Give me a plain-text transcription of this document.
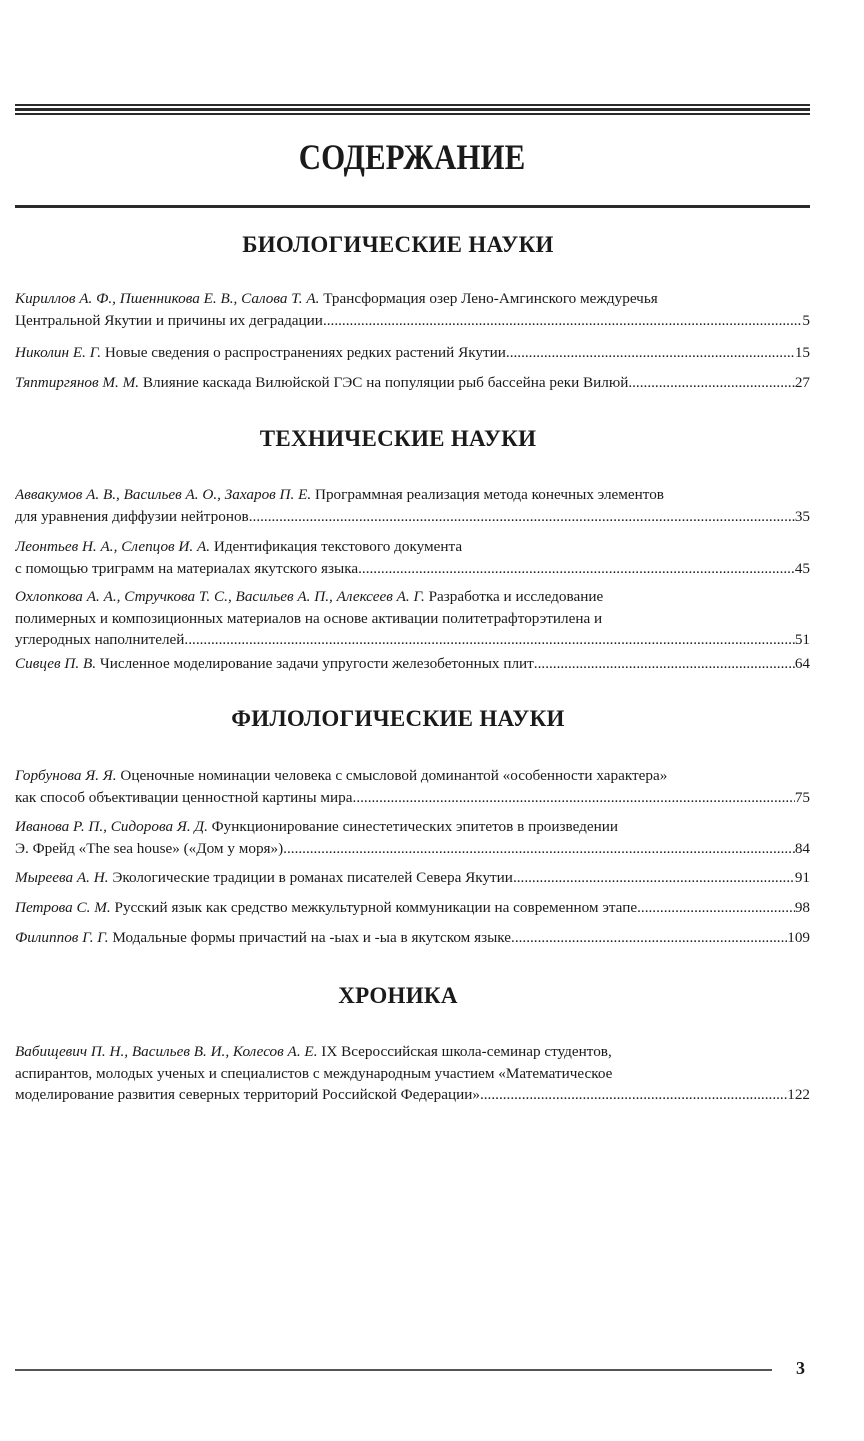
СОДЕРЖАНИЕ
БИОЛОГИЧЕСКИЕ НАУКИ
Кириллов А. Ф., Пшенникова Е. В., Салова Т. А. Трансформация озер Лено-Амгинского междуречья
Центральной Якутии и причины их деградации .....	5
Николин Е. Г. Новые сведения о распространениях редких растений Якутии .....	15
Тяптиргянов М. М. Влияние каскада Вилюйской ГЭС на популяции рыб бассейна реки Вилюй .....	27
ТЕХНИЧЕСКИЕ НАУКИ
Аввакумов А. В., Васильев А. О., Захаров П. Е. Программная реализация метода конечных элементов
для уравнения диффузии нейтронов .....	35
Леонтьев Н. А., Слепцов И. А. Идентификация текстового документа
с помощью триграмм на материалах якутского языка .....	45
Охлопкова А. А., Стручкова Т. С., Васильев А. П., Алексеев А. Г. Разработка и исследование
полимерных и композиционных материалов на основе активации политетрафторэтилена и
углеродных наполнителей .....	51
Сивцев П. В. Численное моделирование задачи упругости железобетонных плит .....	64
ФИЛОЛОГИЧЕСКИЕ НАУКИ
Горбунова Я. Я. Оценочные номинации человека с смысловой доминантой «особенности характера»
как способ объективации ценностной картины мира .....	75
Иванова Р. П., Сидорова Я. Д. Функционирование синестетических эпитетов в произведении
Э. Фрейд «The sea house» («Дом у моря») .....	84
Мыреева А. Н. Экологические традиции в романах писателей Севера Якутии .....	91
Петрова С. М. Русский язык как средство межкультурной коммуникации на современном этапе .....	98
Филиппов Г. Г. Модальные формы причастий на -ыах и -ыа в якутском языке .....	109
ХРОНИКА
Вабищевич П. Н., Васильев В. И., Колесов А. Е. IX Всероссийская школа-семинар студентов,
аспирантов, молодых ученых и специалистов с международным участием «Математическое
моделирование развития северных территорий Российской Федерации» .....	122
3
